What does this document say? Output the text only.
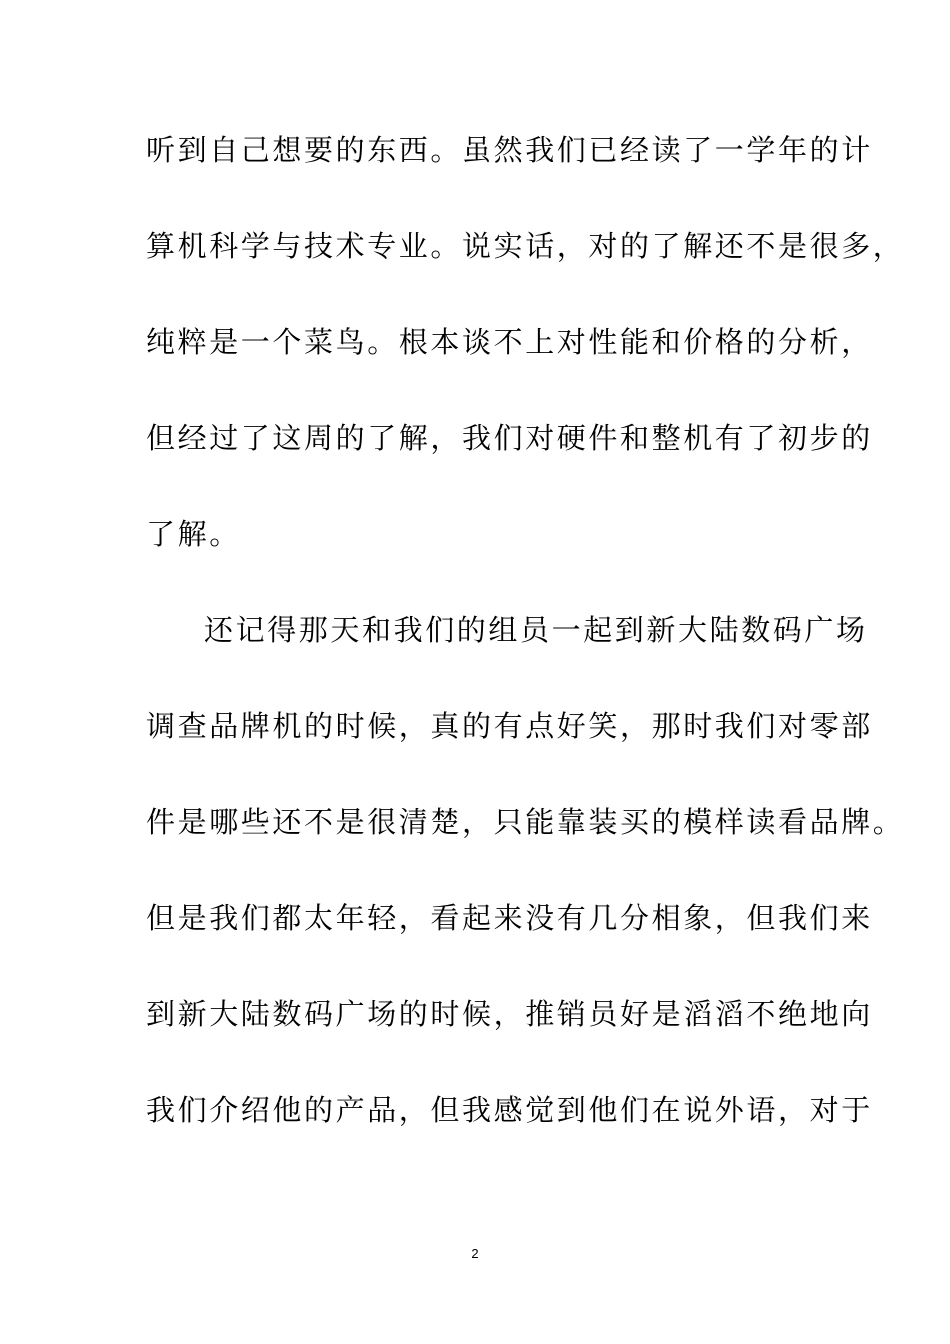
听到自己想要的东西。虽然我们已经读了一学年的计
算机科学与技术专业。说实话，对的了解还不是很多，
纯粹是一个菜鸟。根本谈不上对性能和价格的分析，
但经过了这周的了解，我们对硬件和整机有了初步的
了解。
还记得那天和我们的组员一起到新大陆数码广场
调查品牌机的时候，真的有点好笑，那时我们对零部
件是哪些还不是很清楚，只能靠装买的模样读看品牌。
但是我们都太年轻，看起来没有几分相象，但我们来
到新大陆数码广场的时候，推销员好是滔滔不绝地向
我们介绍他的产品，但我感觉到他们在说外语，对于
2
